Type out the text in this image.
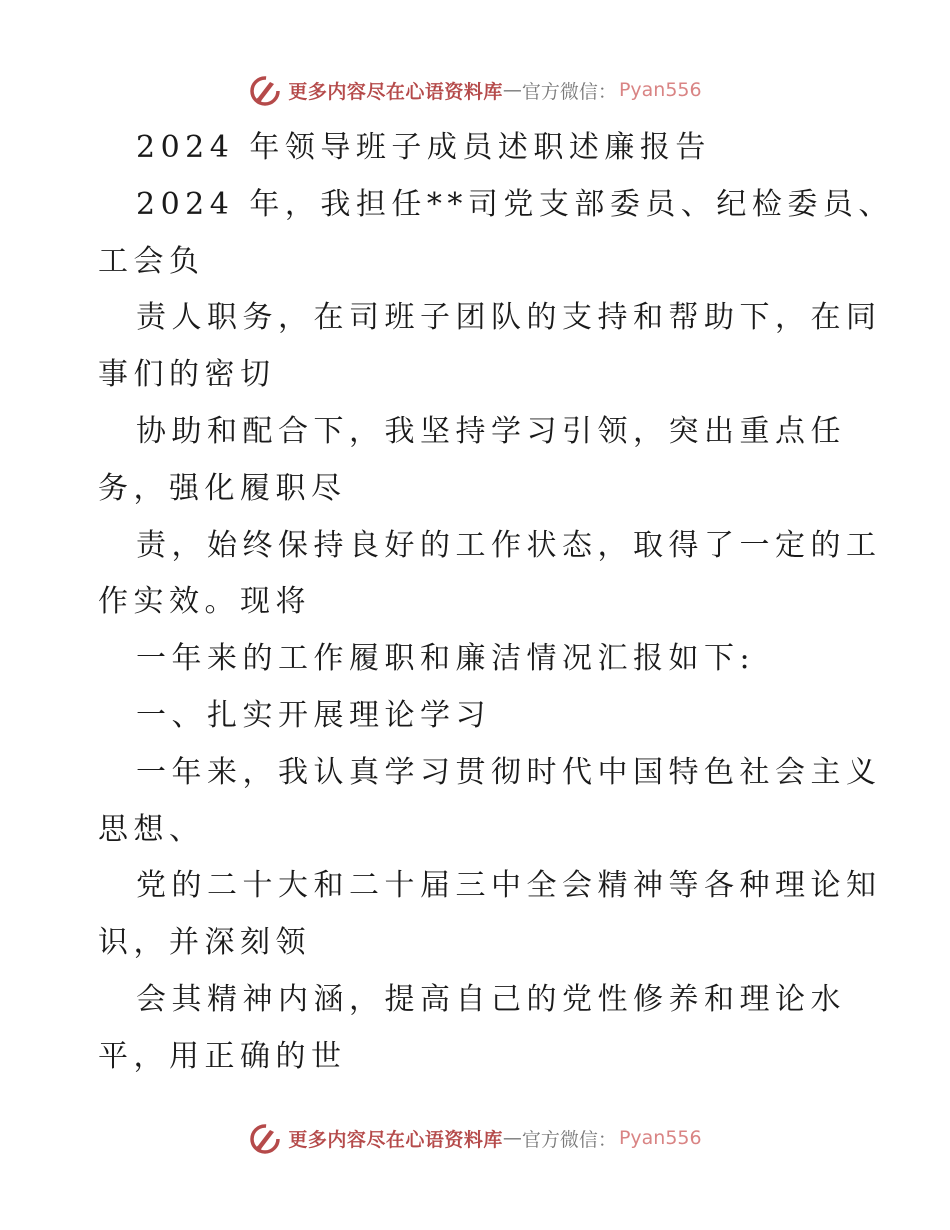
更多内容尽在心语资料库 — 官方微信： Pyan556

2024 年领导班子成员述职述廉报告

2024 年，我担任**司党支部委员、纪检委员、

工会负

责人职务，在司班子团队的支持和帮助下，在同

事们的密切

协助和配合下，我坚持学习引领，突出重点任

务，强化履职尽

责，始终保持良好的工作状态，取得了一定的工

作实效。现将

一年来的工作履职和廉洁情况汇报如下:

一、扎实开展理论学习

一年来，我认真学习贯彻时代中国特色社会主义

思想、

党的二十大和二十届三中全会精神等各种理论知

识，并深刻领

会其精神内涵，提高自己的党性修养和理论水

平，用正确的世

更多内容尽在心语资料库 — 官方微信： Pyan556
